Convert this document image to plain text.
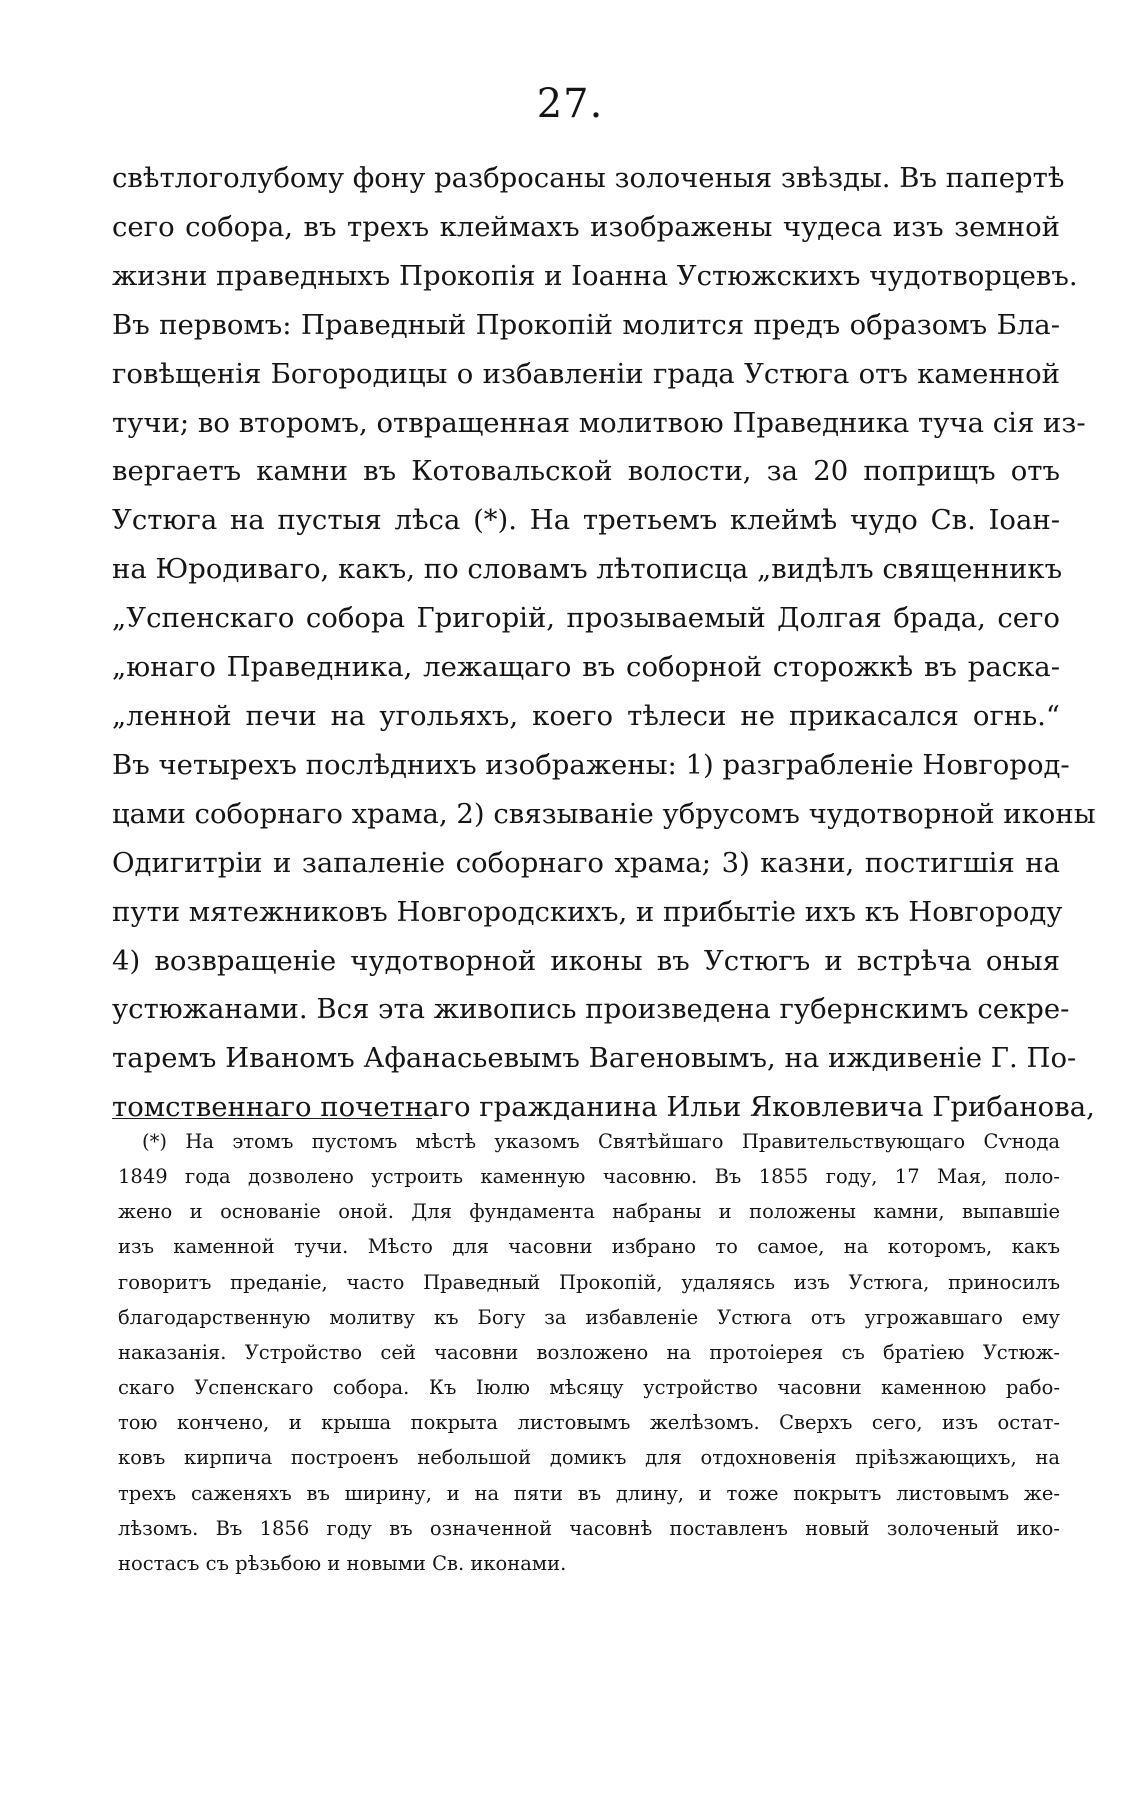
27.
свѣтлоголубому фону разбросаны золоченыя звѣзды. Въ папертѣ
сего собора, въ трехъ клеймахъ изображены чудеса изъ земной
жизни праведныхъ Прокопія и Іоанна Устюжскихъ чудотворцевъ.
Въ первомъ: Праведный Прокопій молится предъ образомъ Бла-
говѣщенія Богородицы о избавленіи града Устюга отъ каменной
тучи; во второмъ, отвращенная молитвою Праведника туча сія из-
вергаетъ камни въ Котовальской волости, за 20 поприщъ отъ
Устюга на пустыя лѣса (*). На третьемъ клеймѣ чудо Св. Іоан-
на Юродиваго, какъ, по словамъ лѣтописца „видѣлъ священникъ
„Успенскаго собора Григорій, прозываемый Долгая брада, сего
„юнаго Праведника, лежащаго въ соборной сторожкѣ въ раска-
„ленной печи на угольяхъ, коего тѣлеси не прикасался огнь.“
Въ четырехъ послѣднихъ изображены: 1) разграбленіе Новгород-
цами соборнаго храма, 2) связываніе убрусомъ чудотворной иконы
Одигитріи и запаленіе соборнаго храма; 3) казни, постигшія на
пути мятежниковъ Новгородскихъ, и прибытіе ихъ къ Новгороду
4) возвращеніе чудотворной иконы въ Устюгъ и встрѣча оныя
устюжанами. Вся эта живопись произведена губернскимъ секре-
таремъ Иваномъ Афанасьевымъ Вагеновымъ, на иждивеніе Г. По-
томственнаго почетнаго гражданина Ильи Яковлевича Грибанова,
(*) На этомъ пустомъ мѣстѣ указомъ Святѣйшаго Правительствующаго Сѵнода
1849 года дозволено устроить каменную часовню. Въ 1855 году, 17 Мая, поло-
жено и основаніе оной. Для фундамента набраны и положены камни, выпавшіе
изъ каменной тучи. Мѣсто для часовни избрано то самое, на которомъ, какъ
говоритъ преданіе, часто Праведный Прокопій, удаляясь изъ Устюга, приносилъ
благодарственную молитву къ Богу за избавленіе Устюга отъ угрожавшаго ему
наказанія. Устройство сей часовни возложено на протоіерея съ братіею Устюж-
скаго Успенскаго собора. Къ Іюлю мѣсяцу устройство часовни каменною рабо-
тою кончено, и крыша покрыта листовымъ желѣзомъ. Сверхъ сего, изъ остат-
ковъ кирпича построенъ небольшой домикъ для отдохновенія пріѣзжающихъ, на
трехъ саженяхъ въ ширину, и на пяти въ длину, и тоже покрытъ листовымъ же-
лѣзомъ. Въ 1856 году въ означенной часовнѣ поставленъ новый золоченый ико-
ностасъ съ рѣзьбою и новыми Св. иконами.
